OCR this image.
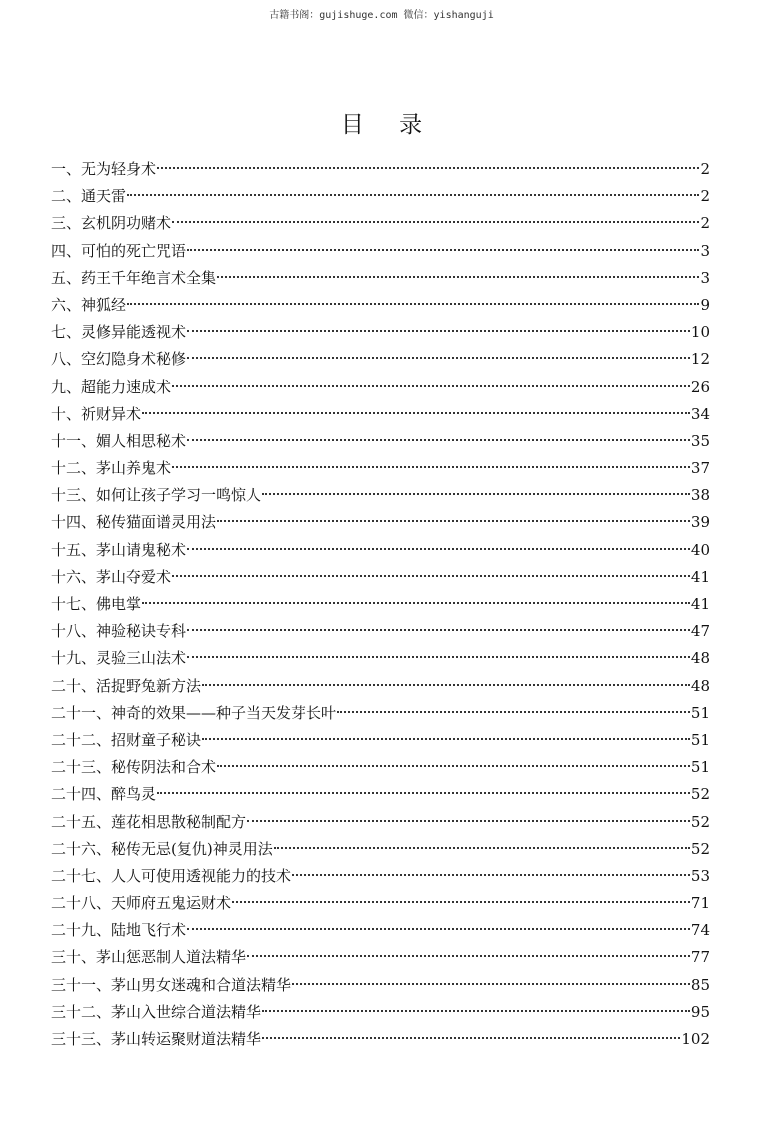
古籍书阁：gujishuge.com 微信：yishanguji
目 录
一、无为轻身术	2
二、通天雷	2
三、玄机阴功赌术	2
四、可怕的死亡咒语	3
五、药王千年绝言术全集	3
六、神狐经	9
七、灵修异能透视术	10
八、空幻隐身术秘修	12
九、超能力速成术	26
十、祈财异术	34
十一、媚人相思秘术	35
十二、茅山养鬼术	37
十三、如何让孩子学习一鸣惊人	38
十四、秘传猫面谱灵用法	39
十五、茅山请鬼秘术	40
十六、茅山夺爱术	41
十七、佛电掌	41
十八、神验秘诀专科	47
十九、灵验三山法术	48
二十、活捉野兔新方法	48
二十一、神奇的效果——种子当天发芽长叶	51
二十二、招财童子秘诀	51
二十三、秘传阴法和合术	51
二十四、醉鸟灵	52
二十五、莲花相思散秘制配方	52
二十六、秘传无忌(复仇)神灵用法	52
二十七、人人可使用透视能力的技术	53
二十八、天师府五鬼运财术	71
二十九、陆地飞行术	74
三十、茅山惩恶制人道法精华	77
三十一、茅山男女迷魂和合道法精华	85
三十二、茅山入世综合道法精华	95
三十三、茅山转运聚财道法精华	102
